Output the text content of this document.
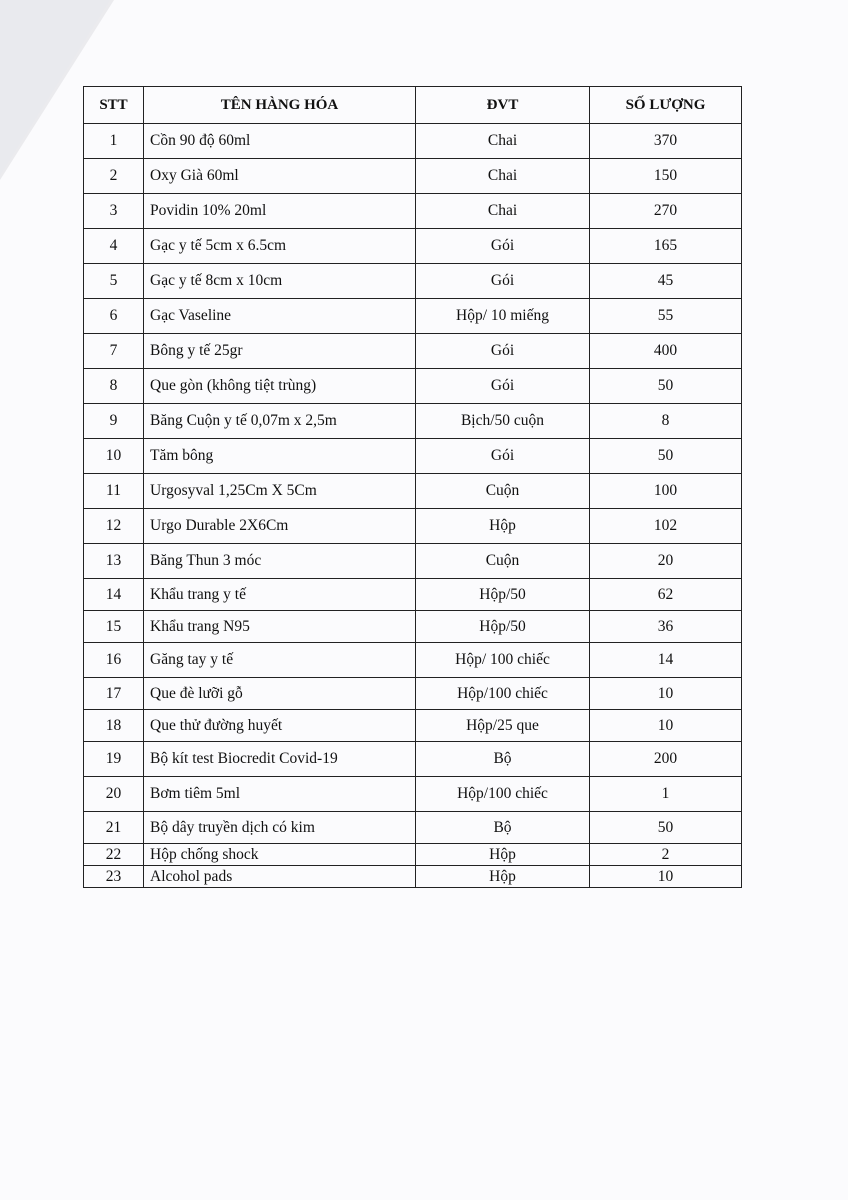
STT	TÊN HÀNG HÓA	ĐVT	SỐ LƯỢNG
1	Cồn 90 độ 60ml	Chai	370
2	Oxy Già 60ml	Chai	150
3	Povidin 10% 20ml	Chai	270
4	Gạc y tế 5cm x 6.5cm	Gói	165
5	Gạc y tế 8cm x 10cm	Gói	45
6	Gạc Vaseline	Hộp/ 10 miếng	55
7	Bông y tế 25gr	Gói	400
8	Que gòn (không tiệt trùng)	Gói	50
9	Băng Cuộn y tế 0,07m x 2,5m	Bịch/50 cuộn	8
10	Tăm bông	Gói	50
11	Urgosyval 1,25Cm X 5Cm	Cuộn	100
12	Urgo Durable 2X6Cm	Hộp	102
13	Băng Thun 3 móc	Cuộn	20
14	Khẩu trang y tế	Hộp/50	62
15	Khẩu trang N95	Hộp/50	36
16	Găng tay y tế	Hộp/ 100 chiếc	14
17	Que đè lưỡi gỗ	Hộp/100 chiếc	10
18	Que thử đường huyết	Hộp/25 que	10
19	Bộ kít test Biocredit Covid-19	Bộ	200
20	Bơm tiêm 5ml	Hộp/100 chiếc	1
21	Bộ dây truyền dịch có kim	Bộ	50
22	Hộp chống shock	Hộp	2
23	Alcohol pads	Hộp	10
